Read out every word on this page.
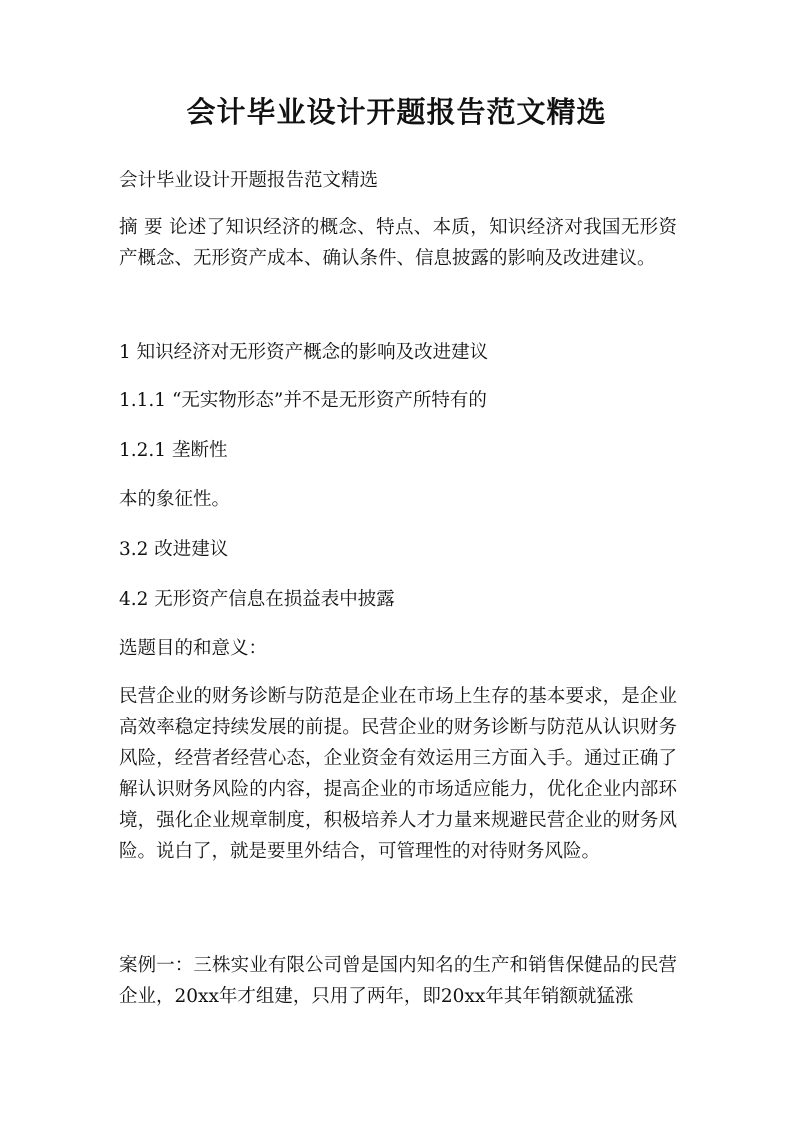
会计毕业设计开题报告范文精选

会计毕业设计开题报告范文精选

摘 要 论述了知识经济的概念、特点、本质，知识经济对我国无形资产概念、无形资产成本、确认条件、信息披露的影响及改进建议。

1 知识经济对无形资产概念的影响及改进建议

1.1.1 “无实物形态”并不是无形资产所特有的

1.2.1 垄断性

本的象征性。

3.2 改进建议

4.2 无形资产信息在损益表中披露

选题目的和意义：

民营企业的财务诊断与防范是企业在市场上生存的基本要求，是企业高效率稳定持续发展的前提。民营企业的财务诊断与防范从认识财务风险，经营者经营心态，企业资金有效运用三方面入手。通过正确了解认识财务风险的内容，提高企业的市场适应能力，优化企业内部环境，强化企业规章制度，积极培养人才力量来规避民营企业的财务风险。说白了，就是要里外结合，可管理性的对待财务风险。

案例一：三株实业有限公司曾是国内知名的生产和销售保健品的民营企业，20xx年才组建，只用了两年，即20xx年其年销额就猛涨
